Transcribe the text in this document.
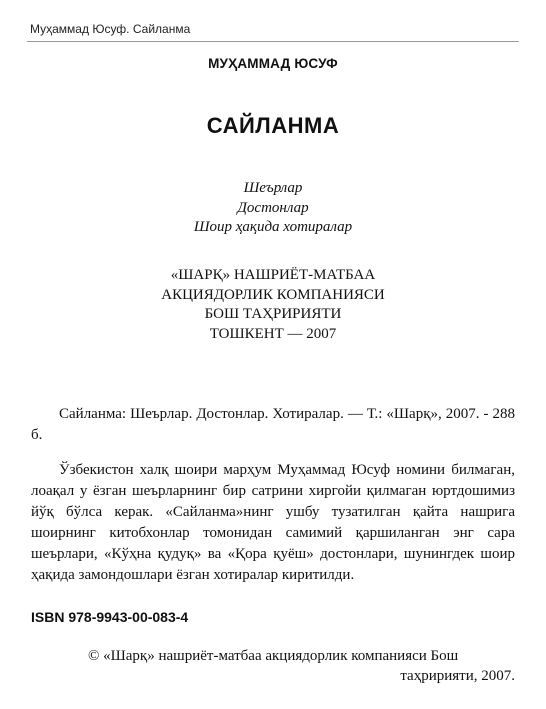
Муҳаммад Юсуф. Сайланма
МУҲАММАД ЮСУФ
САЙЛАНМА
Шеърлар
Достонлар
Шоир ҳақида хотиралар
«ШАРҚ» НАШРИЁТ-МАТБАА
АКЦИЯДОРЛИК КОМПАНИЯСИ
БОШ ТАҲРИРИЯТИ
ТОШКЕНТ — 2007
Сайланма: Шеърлар. Достонлар. Хотиралар. — Т.: «Шарқ», 2007. - 288 б.
Ўзбекистон халқ шоири марҳум Муҳаммад Юсуф номини билмаган, лоақал у ёзган шеърларнинг бир сатрини хиргойи қилмаган юртдошимиз йўқ бўлса керак. «Сайланма»нинг ушбу тузатилган қайта нашрига шоирнинг китобхонлар томонидан самимий қаршиланган энг сара шеърлари, «Кўҳна қудуқ» ва «Қора қуёш» достонлари, шунингдек шоир ҳақида замондошлари ёзган хотиралар киритилди.
ISBN 978-9943-00-083-4
© «Шарқ» нашриёт-матбаа акциядорлик компанияси Бош
таҳририяти, 2007.
